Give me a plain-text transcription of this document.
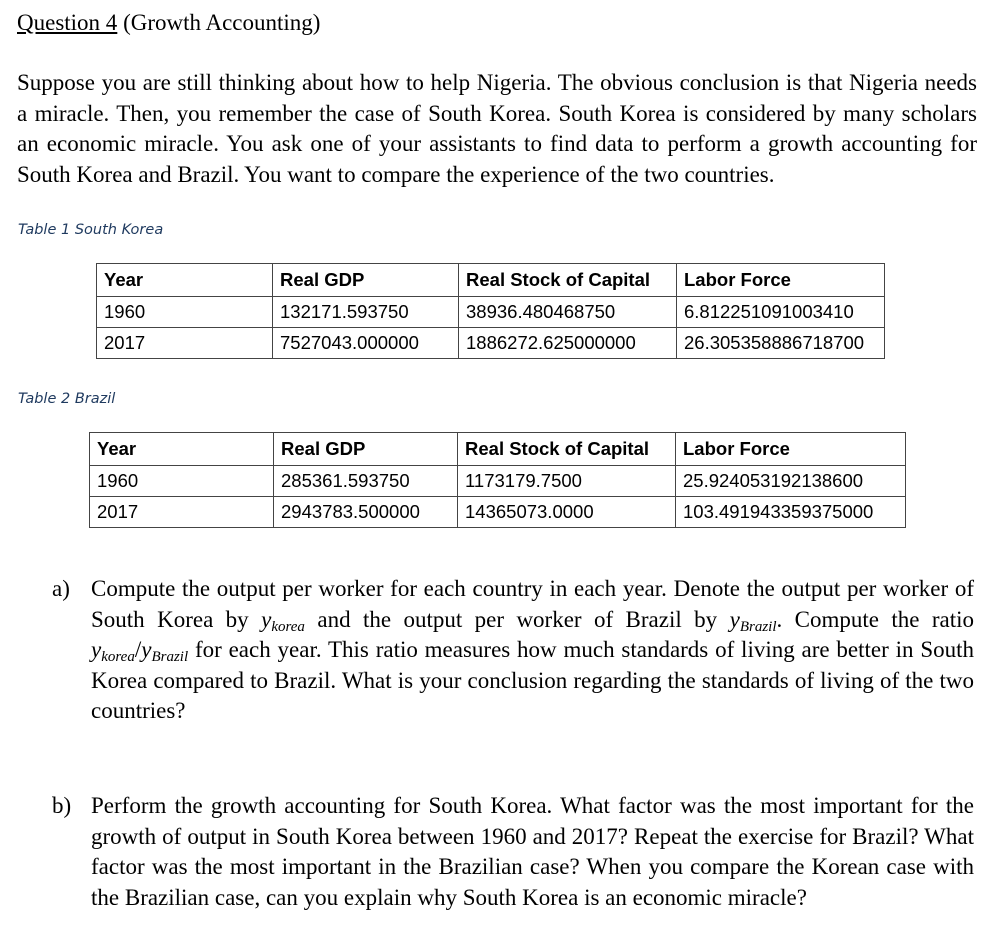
Question 4 (Growth Accounting)
Suppose you are still thinking about how to help Nigeria. The obvious conclusion is that Nigeria needs a miracle. Then, you remember the case of South Korea. South Korea is considered by many scholars an economic miracle. You ask one of your assistants to find data to perform a growth accounting for South Korea and Brazil. You want to compare the experience of the two countries.
Table 1 South Korea
Year	Real GDP	Real Stock of Capital	Labor Force
1960	132171.593750	38936.480468750	6.812251091003410
2017	7527043.000000	1886272.625000000	26.305358886718700
Table 2 Brazil
Year	Real GDP	Real Stock of Capital	Labor Force
1960	285361.593750	1173179.7500	25.924053192138600
2017	2943783.500000	14365073.0000	103.491943359375000
a) Compute the output per worker for each country in each year. Denote the output per worker of South Korea by $y_{korea}$ and the output per worker of Brazil by $y_{Brazil}$. Compute the ratio $y_{korea}/y_{Brazil}$ for each year. This ratio measures how much standards of living are better in South Korea compared to Brazil. What is your conclusion regarding the standards of living of the two countries?
b) Perform the growth accounting for South Korea. What factor was the most important for the growth of output in South Korea between 1960 and 2017? Repeat the exercise for Brazil? What factor was the most important in the Brazilian case? When you compare the Korean case with the Brazilian case, can you explain why South Korea is an economic miracle?
